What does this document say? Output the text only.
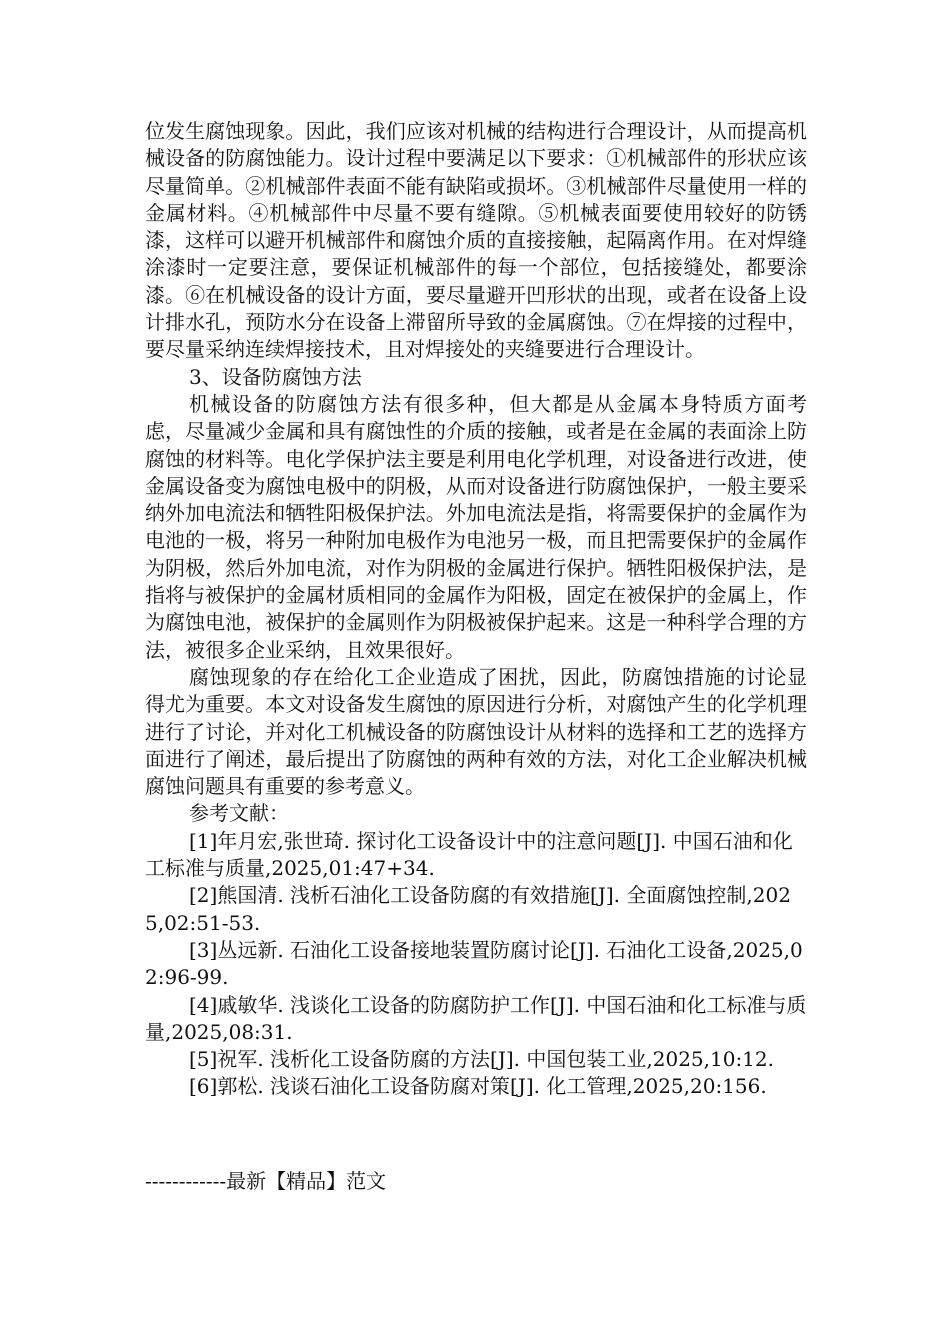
位发生腐蚀现象。因此，我们应该对机械的结构进行合理设计，从而提高机械设备的防腐蚀能力。设计过程中要满足以下要求：①机械部件的形状应该尽量简单。②机械部件表面不能有缺陷或损坏。③机械部件尽量使用一样的金属材料。④机械部件中尽量不要有缝隙。⑤机械表面要使用较好的防锈漆，这样可以避开机械部件和腐蚀介质的直接接触，起隔离作用。在对焊缝涂漆时一定要注意，要保证机械部件的每一个部位，包括接缝处，都要涂漆。⑥在机械设备的设计方面，要尽量避开凹形状的出现，或者在设备上设计排水孔，预防水分在设备上滞留所导致的金属腐蚀。⑦在焊接的过程中，要尽量采纳连续焊接技术，且对焊接处的夹缝要进行合理设计。

3、设备防腐蚀方法

机械设备的防腐蚀方法有很多种，但大都是从金属本身特质方面考虑，尽量减少金属和具有腐蚀性的介质的接触，或者是在金属的表面涂上防腐蚀的材料等。电化学保护法主要是利用电化学机理，对设备进行改进，使金属设备变为腐蚀电极中的阴极，从而对设备进行防腐蚀保护，一般主要采纳外加电流法和牺牲阳极保护法。外加电流法是指，将需要保护的金属作为电池的一极，将另一种附加电极作为电池另一极，而且把需要保护的金属作为阴极，然后外加电流，对作为阴极的金属进行保护。牺牲阳极保护法，是指将与被保护的金属材质相同的金属作为阳极，固定在被保护的金属上，作为腐蚀电池，被保护的金属则作为阴极被保护起来。这是一种科学合理的方法，被很多企业采纳，且效果很好。

腐蚀现象的存在给化工企业造成了困扰，因此，防腐蚀措施的讨论显得尤为重要。本文对设备发生腐蚀的原因进行分析，对腐蚀产生的化学机理进行了讨论，并对化工机械设备的防腐蚀设计从材料的选择和工艺的选择方面进行了阐述，最后提出了防腐蚀的两种有效的方法，对化工企业解决机械腐蚀问题具有重要的参考意义。

参考文献：

[1]年月宏,张世琦. 探讨化工设备设计中的注意问题[J]. 中国石油和化工标准与质量,2025,01:47+34.

[2]熊国清. 浅析石油化工设备防腐的有效措施[J]. 全面腐蚀控制,2025,02:51-53.

[3]丛远新. 石油化工设备接地装置防腐讨论[J]. 石油化工设备,2025,02:96-99.

[4]戚敏华. 浅谈化工设备的防腐防护工作[J]. 中国石油和化工标准与质量,2025,08:31.

[5]祝军. 浅析化工设备防腐的方法[J]. 中国包装工业,2025,10:12.

[6]郭松. 浅谈石油化工设备防腐对策[J]. 化工管理,2025,20:156.

------------最新【精品】范文
